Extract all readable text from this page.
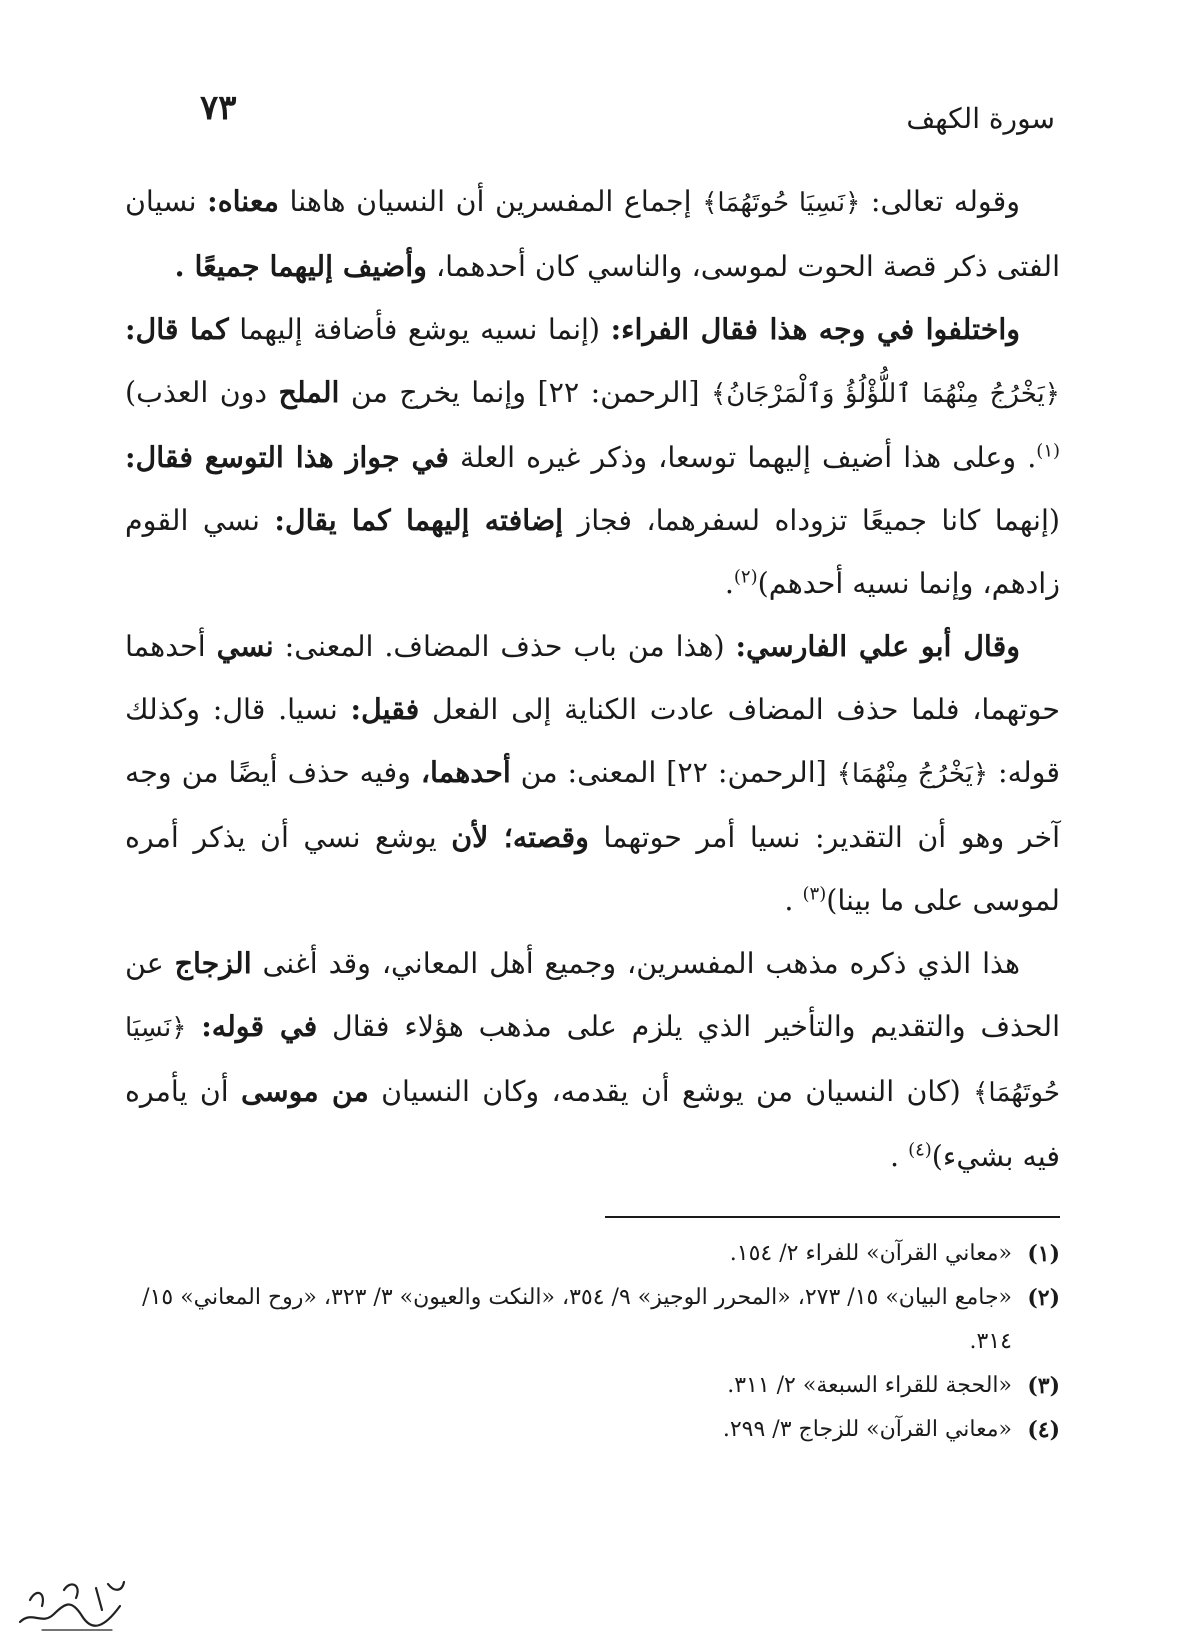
سورة الكهف
٧٣

وقوله تعالى: ﴿نَسِيَا حُوتَهُمَا﴾ إجماع المفسرين أن النسيان هاهنا معناه: نسيان الفتى ذكر قصة الحوت لموسى، والناسي كان أحدهما، وأضيف إليهما جميعًا .

واختلفوا في وجه هذا فقال الفراء: (إنما نسيه يوشع فأضافة إليهما كما قال: ﴿يَخْرُجُ مِنْهُمَا ٱللُّؤْلُؤُ وَٱلْمَرْجَانُ﴾ [الرحمن: ٢٢] وإنما يخرج من الملح دون العذب)$^{(١)}$. وعلى هذا أضيف إليهما توسعا، وذكر غيره العلة في جواز هذا التوسع فقال: (إنهما كانا جميعًا تزوداه لسفرهما، فجاز إضافته إليهما كما يقال: نسي القوم زادهم، وإنما نسيه أحدهم)$^{(٢)}$.

وقال أبو علي الفارسي: (هذا من باب حذف المضاف. المعنى: نسي أحدهما حوتهما، فلما حذف المضاف عادت الكناية إلى الفعل فقيل: نسيا. قال: وكذلك قوله: ﴿يَخْرُجُ مِنْهُمَا﴾ [الرحمن: ٢٢] المعنى: من أحدهما، وفيه حذف أيضًا من وجه آخر وهو أن التقدير: نسيا أمر حوتهما وقصته؛ لأن يوشع نسي أن يذكر أمره لموسى على ما بينا)$^{(٣)}$ .

هذا الذي ذكره مذهب المفسرين، وجميع أهل المعاني، وقد أغنى الزجاج عن الحذف والتقديم والتأخير الذي يلزم على مذهب هؤلاء فقال في قوله: ﴿نَسِيَا حُوتَهُمَا﴾ (كان النسيان من يوشع أن يقدمه، وكان النسيان من موسى أن يأمره فيه بشيء)$^{(٤)}$ .

(١)
«معاني القرآن» للفراء ٢/ ١٥٤.
(٢)
«جامع البيان» ١٥/ ٢٧٣، «المحرر الوجيز» ٩/ ٣٥٤، «النكت والعيون» ٣/ ٣٢٣، «روح المعاني» ١٥/ ٣١٤.
(٣)
«الحجة للقراء السبعة» ٢/ ٣١١.
(٤)
«معاني القرآن» للزجاج ٣/ ٢٩٩.
